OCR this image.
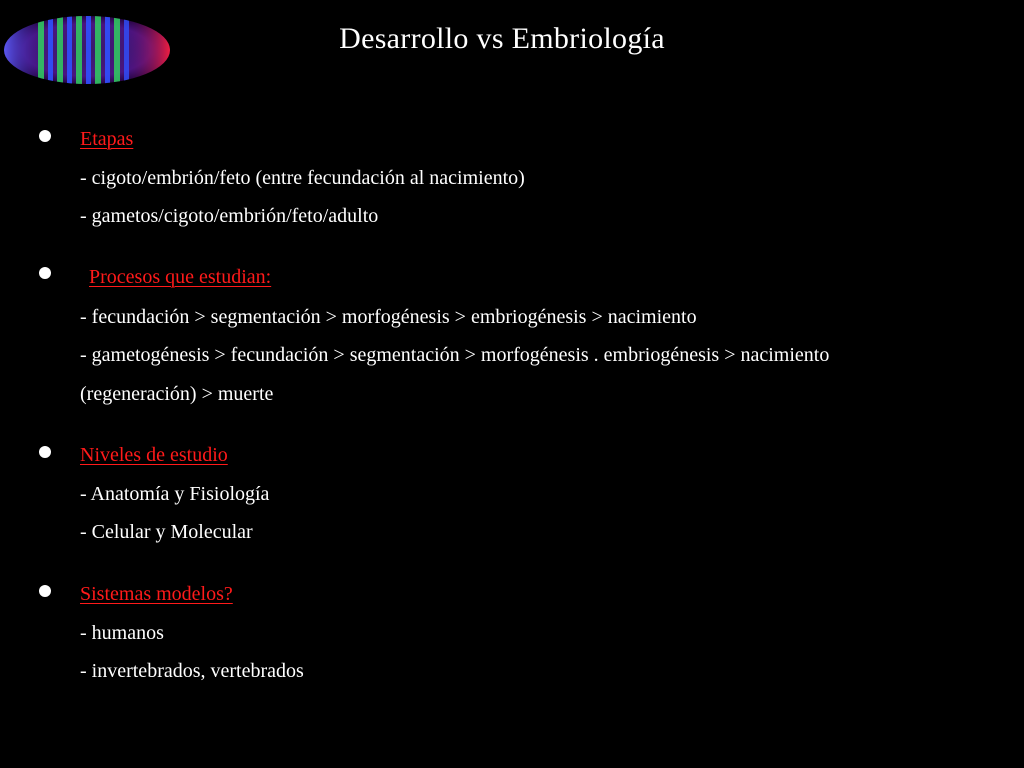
Desarrollo vs Embriología
Etapas
- cigoto/embrión/feto (entre fecundación al nacimiento)
- gametos/cigoto/embrión/feto/adulto
Procesos que estudian:
- fecundación > segmentación > morfogénesis > embriogénesis > nacimiento
- gametogénesis > fecundación > segmentación > morfogénesis . embriogénesis > nacimiento
(regeneración) > muerte
Niveles de estudio
- Anatomía y Fisiología
- Celular y Molecular
Sistemas modelos?
- humanos
- invertebrados, vertebrados
